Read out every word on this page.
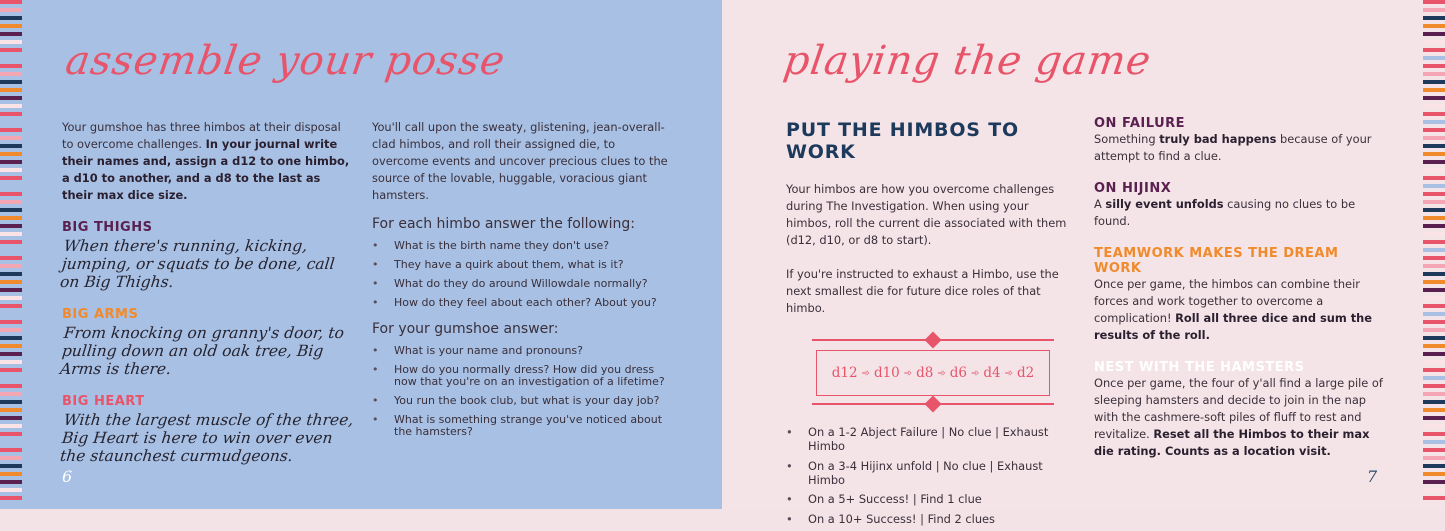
assemble your posse

Your gumshoe has three himbos at their disposal to overcome challenges. In your journal write their names and, assign a d12 to one himbo, a d10 to another, and a d8 to the last as their max dice size.

BIG THIGHS
When there's running, kicking, jumping, or squats to be done, call on Big Thighs.
BIG ARMS
From knocking on granny's door, to pulling down an old oak tree, Big Arms is there.
BIG HEART
With the largest muscle of the three, Big Heart is here to win over even the staunchest curmudgeons.

You'll call upon the sweaty, glistening, jean-overall-clad himbos, and roll their assigned die, to overcome events and uncover precious clues to the source of the lovable, huggable, voracious giant hamsters.

For each himbo answer the following:
• What is the birth name they don't use?
• They have a quirk about them, what is it?
• What do they do around Willowdale normally?
• How do they feel about each other? About you?
For your gumshoe answer:
• What is your name and pronouns?
• How do you normally dress? How did you dress now that you're on an investigation of a lifetime?
• You run the book club, but what is your day job?
• What is something strange you've noticed about the hamsters?
6
playing the game
PUT THE HIMBOS TO WORK

Your himbos are how you overcome challenges during The Investigation. When using your himbos, roll the current die associated with them (d12, d10, or d8 to start).

If you're instructed to exhaust a Himbo, use the next smallest die for future dice roles of that himbo.

d12 ➾ d10 ➾ d8 ➾ d6 ➾ d4 ➾ d2
• On a 1-2 Abject Failure | No clue | Exhaust Himbo
• On a 3-4 Hijinx unfold | No clue | Exhaust Himbo
• On a 5+ Success! | Find 1 clue
• On a 10+ Success! | Find 2 clues
ON FAILURE

Something truly bad happens because of your attempt to find a clue.

ON HIJINX

A silly event unfolds causing no clues to be found.

TEAMWORK MAKES THE DREAM WORK

Once per game, the himbos can combine their forces and work together to overcome a complication! Roll all three dice and sum the results of the roll.

NEST WITH THE HAMSTERS

Once per game, the four of y'all find a large pile of sleeping hamsters and decide to join in the nap with the cashmere-soft piles of fluff to rest and revitalize. Reset all the Himbos to their max die rating. Counts as a location visit.

7
